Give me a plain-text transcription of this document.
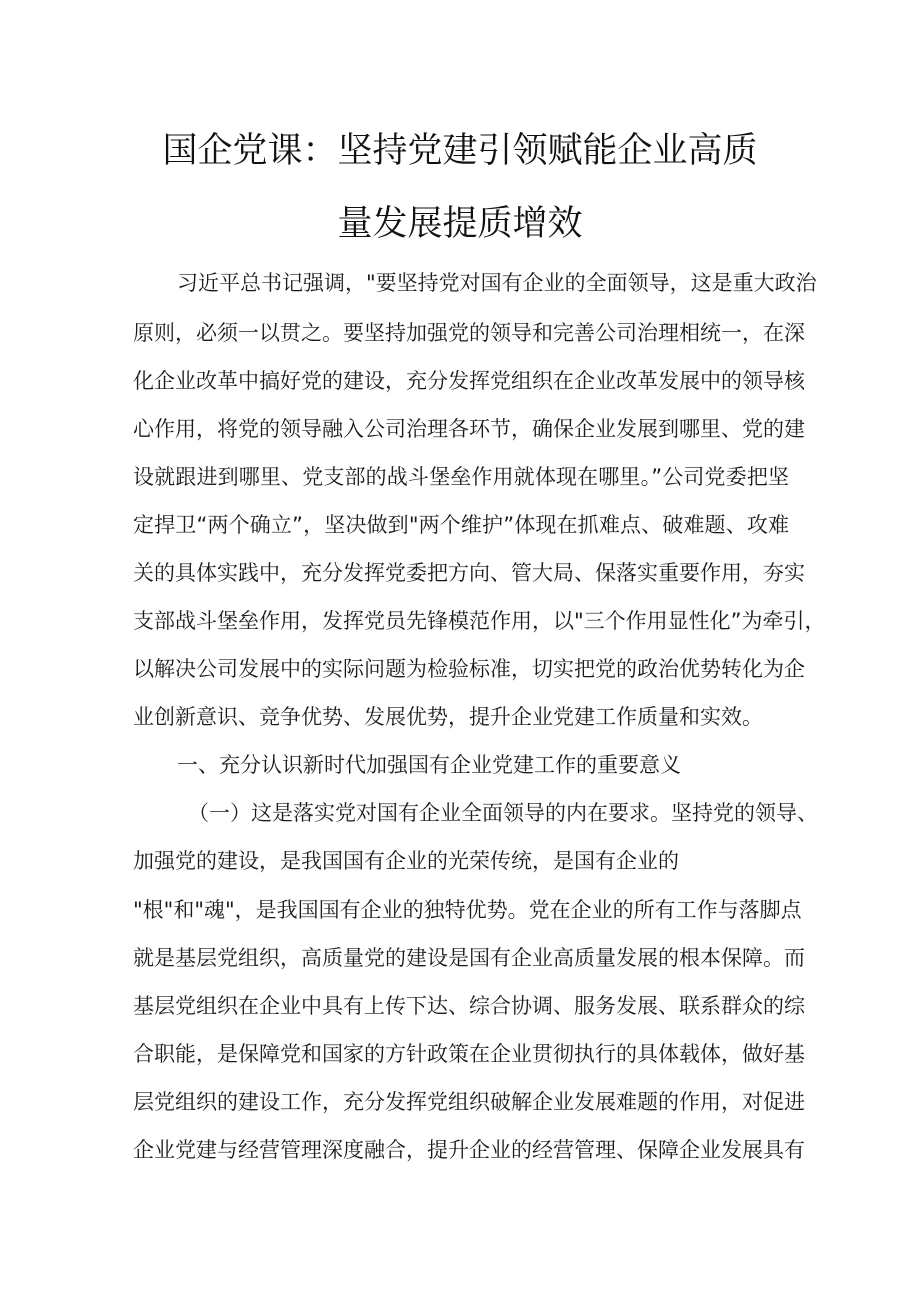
国企党课：坚持党建引领赋能企业高质
量发展提质增效
习近平总书记强调，"要坚持党对国有企业的全面领导，这是重大政治
原则，必须一以贯之。要坚持加强党的领导和完善公司治理相统一，在深
化企业改革中搞好党的建设，充分发挥党组织在企业改革发展中的领导核
心作用，将党的领导融入公司治理各环节，确保企业发展到哪里、党的建
设就跟进到哪里、党支部的战斗堡垒作用就体现在哪里。”公司党委把坚
定捍卫“两个确立”，坚决做到"两个维护”体现在抓难点、破难题、攻难
关的具体实践中，充分发挥党委把方向、管大局、保落实重要作用，夯实
支部战斗堡垒作用，发挥党员先锋模范作用，以"三个作用显性化”为牵引，
以解决公司发展中的实际问题为检验标准，切实把党的政治优势转化为企
业创新意识、竞争优势、发展优势，提升企业党建工作质量和实效。
一、充分认识新时代加强国有企业党建工作的重要意义
（一）这是落实党对国有企业全面领导的内在要求。坚持党的领导、
加强党的建设，是我国国有企业的光荣传统，是国有企业的
"根"和"魂"，是我国国有企业的独特优势。党在企业的所有工作与落脚点
就是基层党组织，高质量党的建设是国有企业高质量发展的根本保障。而
基层党组织在企业中具有上传下达、综合协调、服务发展、联系群众的综
合职能，是保障党和国家的方针政策在企业贯彻执行的具体载体，做好基
层党组织的建设工作，充分发挥党组织破解企业发展难题的作用，对促进
企业党建与经营管理深度融合，提升企业的经营管理、保障企业发展具有
